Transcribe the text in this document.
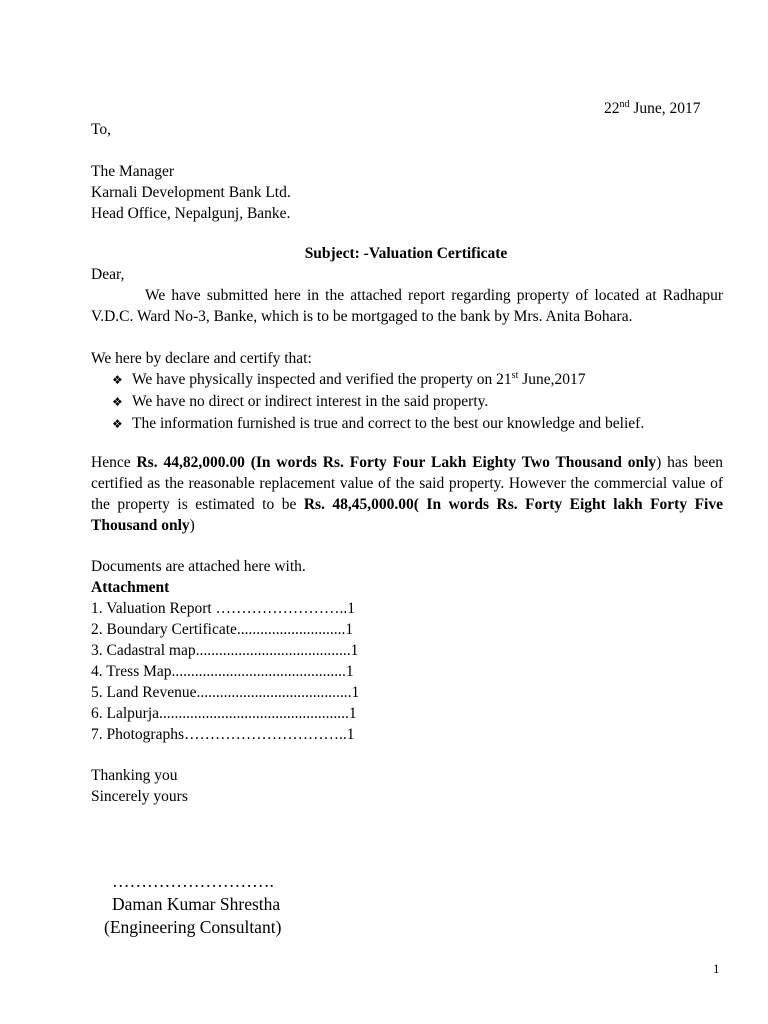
22nd June, 2017
To,
The Manager
Karnali Development Bank Ltd.
Head Office, Nepalgunj, Banke.
Subject: -Valuation Certificate
Dear,
We have submitted here in the attached report regarding property of located at Radhapur V.D.C. Ward No-3, Banke, which is to be mortgaged to the bank by Mrs. Anita Bohara.
We here by declare and certify that:
❖ We have physically inspected and verified the property on 21st June,2017
❖ We have no direct or indirect interest in the said property.
❖ The information furnished is true and correct to the best our knowledge and belief.
Hence Rs. 44,82,000.00 (In words Rs. Forty Four Lakh Eighty Two Thousand only) has been certified as the reasonable replacement value of the said property. However the commercial value of the property is estimated to be Rs. 48,45,000.00( In words Rs. Forty Eight lakh Forty Five Thousand only)
Documents are attached here with.
Attachment
1. Valuation Report ……………………..1
2. Boundary Certificate............................1
3. Cadastral map........................................1
4. Tress Map.............................................1
5. Land Revenue........................................1
6. Lalpurja.................................................1
7. Photographs…………………………..1
Thanking you
Sincerely yours
……………………….
Daman Kumar Shrestha
(Engineering Consultant)
1
